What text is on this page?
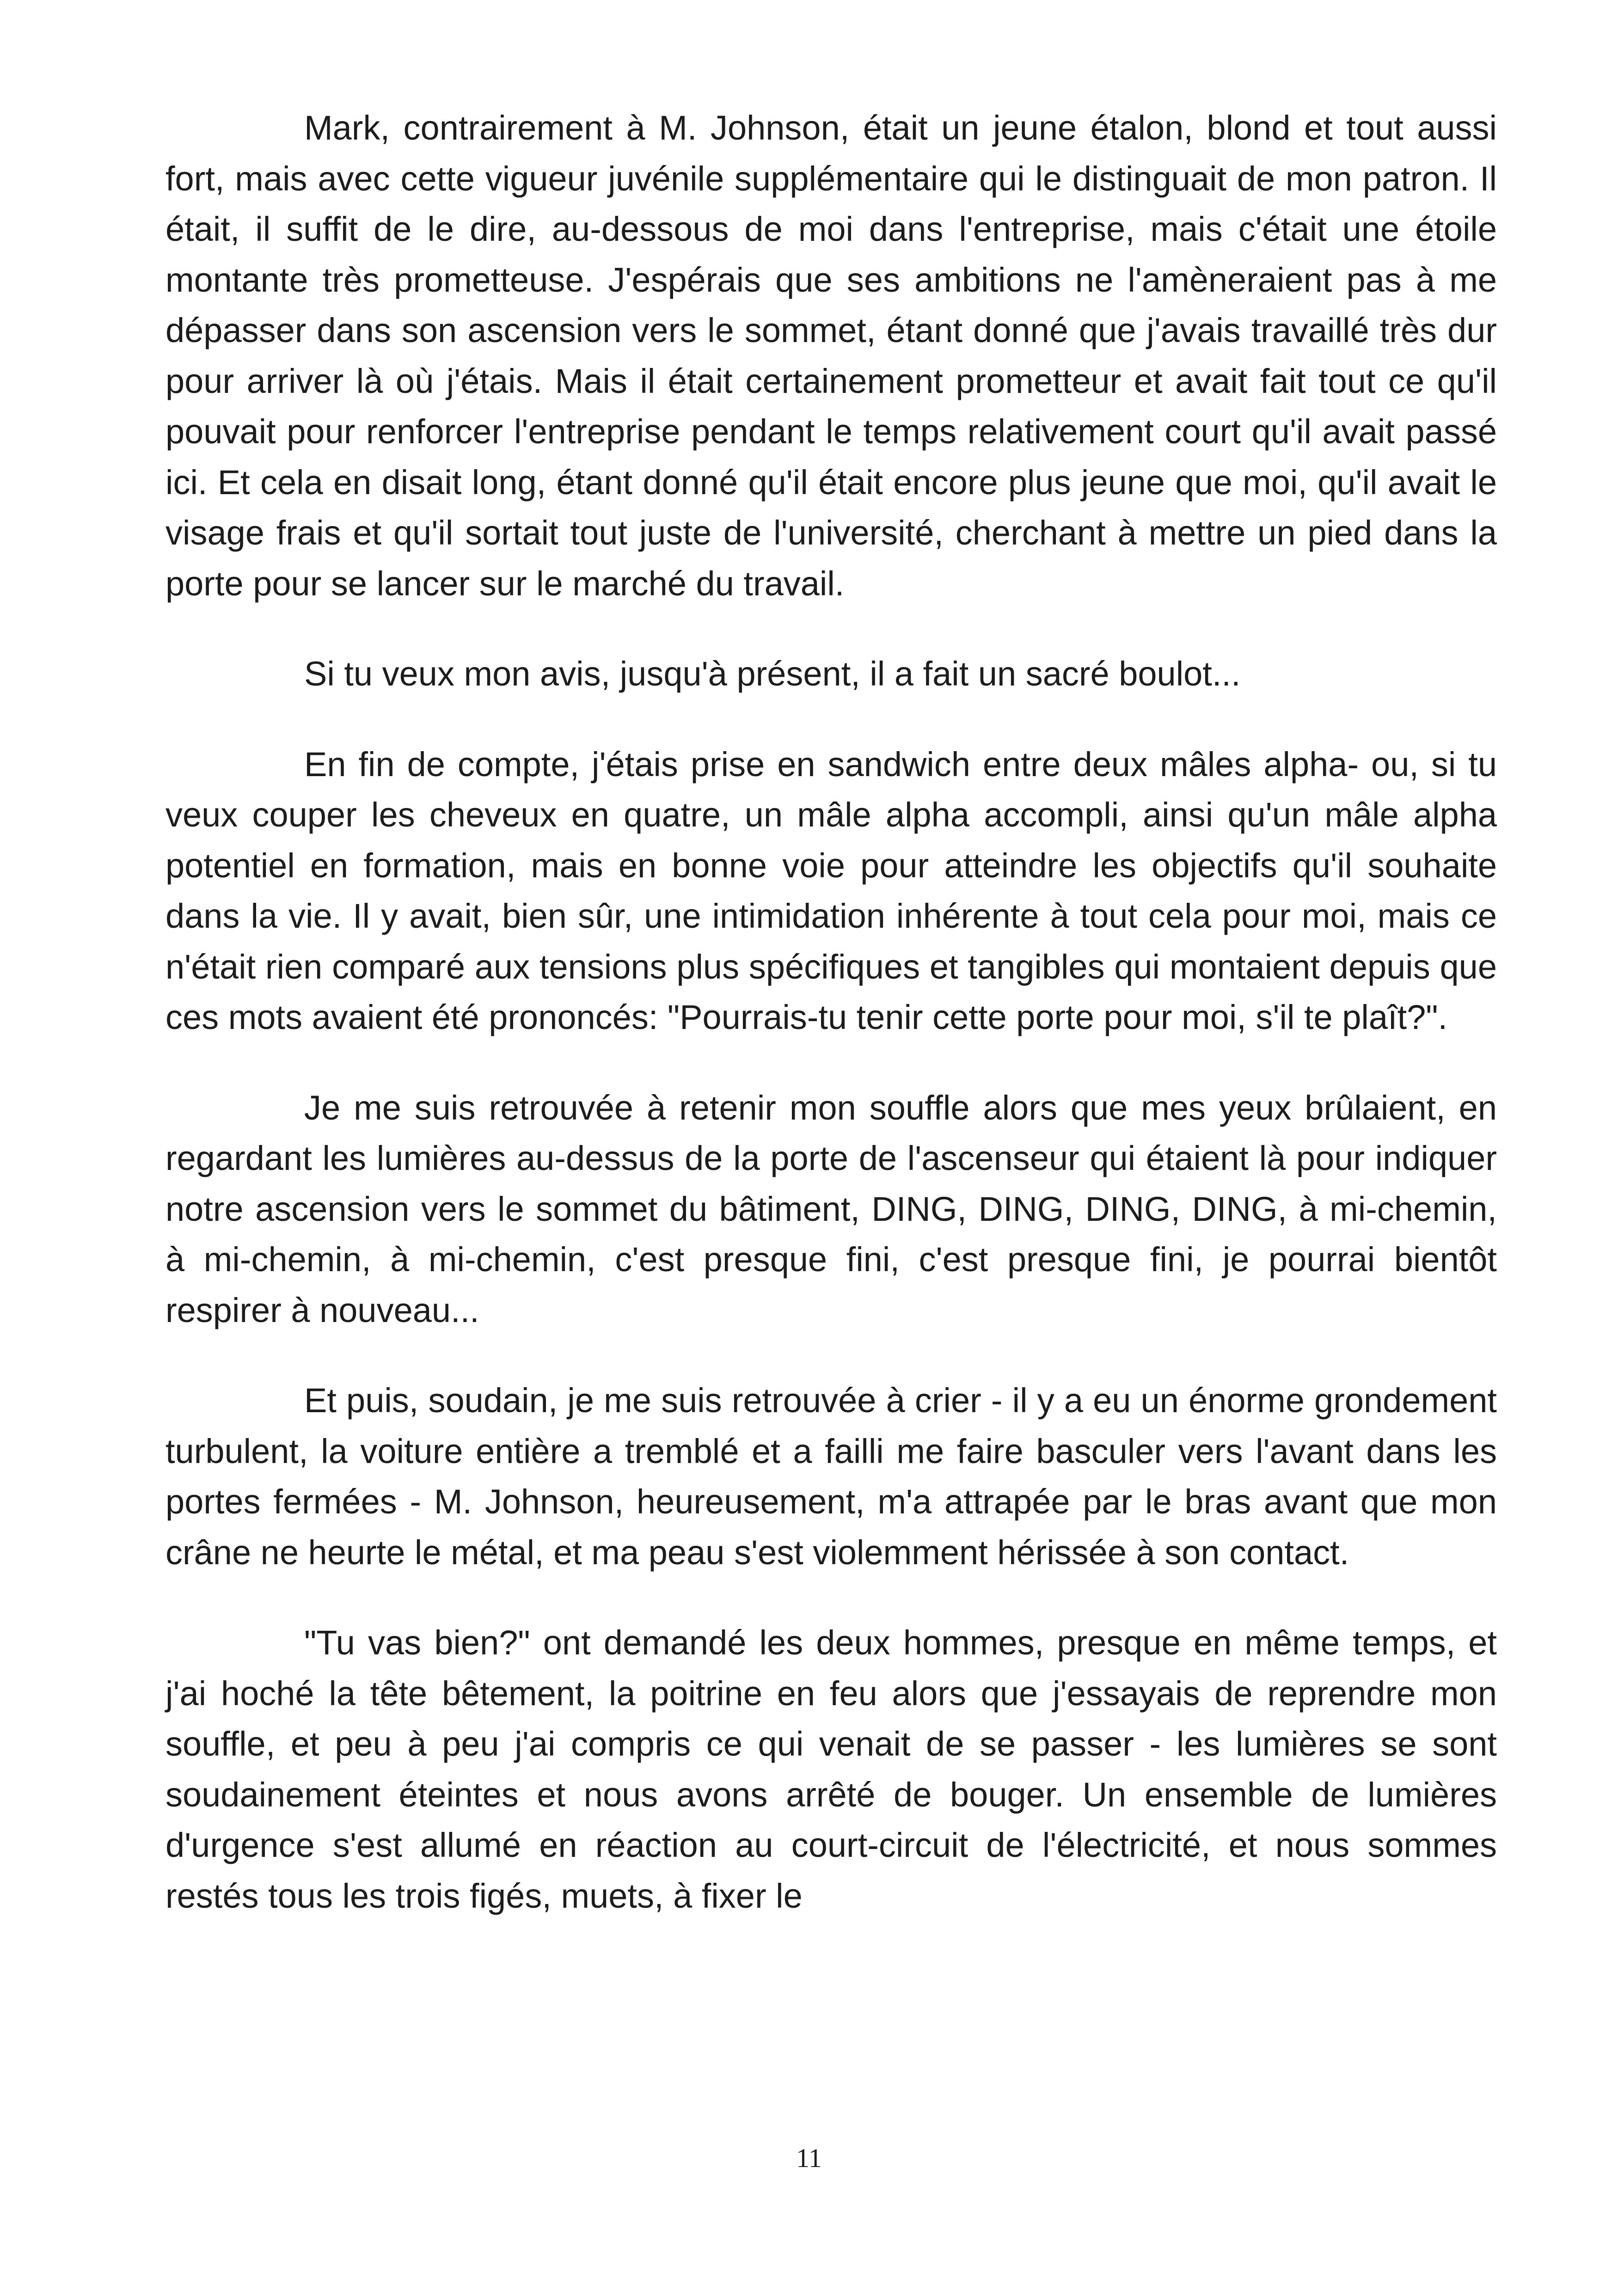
Mark, contrairement à M. Johnson, était un jeune étalon, blond et tout aussi fort, mais avec cette vigueur juvénile supplémentaire qui le distinguait de mon patron. Il était, il suffit de le dire, au-dessous de moi dans l'entreprise, mais c'était une étoile montante très prometteuse. J'espérais que ses ambitions ne l'amèneraient pas à me dépasser dans son ascension vers le sommet, étant donné que j'avais travaillé très dur pour arriver là où j'étais. Mais il était certainement prometteur et avait fait tout ce qu'il pouvait pour renforcer l'entreprise pendant le temps relativement court qu'il avait passé ici. Et cela en disait long, étant donné qu'il était encore plus jeune que moi, qu'il avait le visage frais et qu'il sortait tout juste de l'université, cherchant à mettre un pied dans la porte pour se lancer sur le marché du travail.

Si tu veux mon avis, jusqu'à présent, il a fait un sacré boulot...

En fin de compte, j'étais prise en sandwich entre deux mâles alpha- ou, si tu veux couper les cheveux en quatre, un mâle alpha accompli, ainsi qu'un mâle alpha potentiel en formation, mais en bonne voie pour atteindre les objectifs qu'il souhaite dans la vie. Il y avait, bien sûr, une intimidation inhérente à tout cela pour moi, mais ce n'était rien comparé aux tensions plus spécifiques et tangibles qui montaient depuis que ces mots avaient été prononcés: "Pourrais-tu tenir cette porte pour moi, s'il te plaît?".

Je me suis retrouvée à retenir mon souffle alors que mes yeux brûlaient, en regardant les lumières au-dessus de la porte de l'ascenseur qui étaient là pour indiquer notre ascension vers le sommet du bâtiment, DING, DING, DING, DING, à mi-chemin, à mi-chemin, à mi-chemin, c'est presque fini, c'est presque fini, je pourrai bientôt respirer à nouveau...

Et puis, soudain, je me suis retrouvée à crier - il y a eu un énorme grondement turbulent, la voiture entière a tremblé et a failli me faire basculer vers l'avant dans les portes fermées - M. Johnson, heureusement, m'a attrapée par le bras avant que mon crâne ne heurte le métal, et ma peau s'est violemment hérissée à son contact.

"Tu vas bien?" ont demandé les deux hommes, presque en même temps, et j'ai hoché la tête bêtement, la poitrine en feu alors que j'essayais de reprendre mon souffle, et peu à peu j'ai compris ce qui venait de se passer - les lumières se sont soudainement éteintes et nous avons arrêté de bouger. Un ensemble de lumières d'urgence s'est allumé en réaction au court-circuit de l'électricité, et nous sommes restés tous les trois figés, muets, à fixer le

11
